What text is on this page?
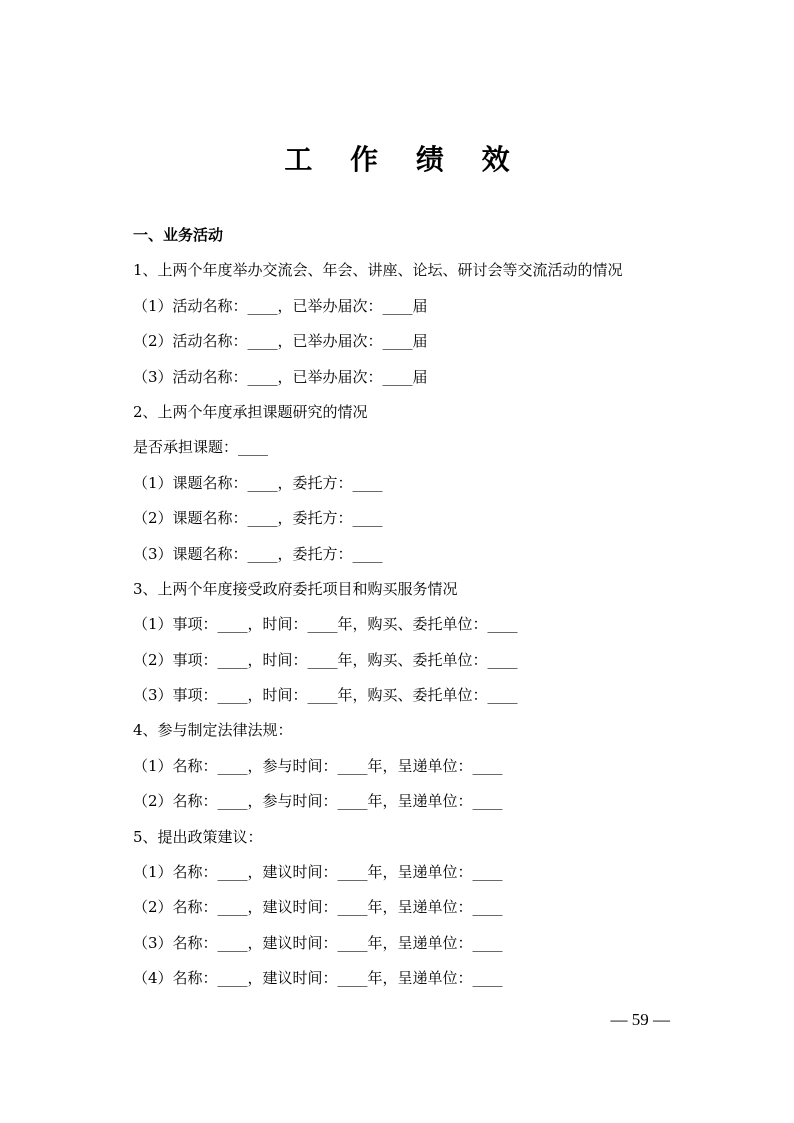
工 作 绩 效
一、业务活动
1、上两个年度举办交流会、年会、讲座、论坛、研讨会等交流活动的情况
（1）活动名称：____，已举办届次：____届
（2）活动名称：____，已举办届次：____届
（3）活动名称：____，已举办届次：____届
2、上两个年度承担课题研究的情况
是否承担课题：____
（1）课题名称：____，委托方：____
（2）课题名称：____，委托方：____
（3）课题名称：____，委托方：____
3、上两个年度接受政府委托项目和购买服务情况
（1）事项：____，时间：____年，购买、委托单位：____
（2）事项：____，时间：____年，购买、委托单位：____
（3）事项：____，时间：____年，购买、委托单位：____
4、参与制定法律法规：
（1）名称：____，参与时间：____年，呈递单位：____
（2）名称：____，参与时间：____年，呈递单位：____
5、提出政策建议：
（1）名称：____，建议时间：____年，呈递单位：____
（2）名称：____，建议时间：____年，呈递单位：____
（3）名称：____，建议时间：____年，呈递单位：____
（4）名称：____，建议时间：____年，呈递单位：____
— 59 —
